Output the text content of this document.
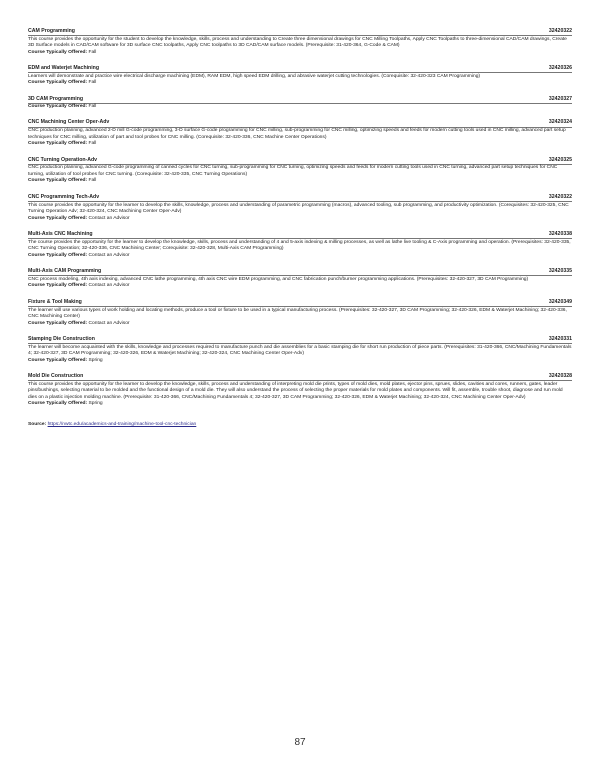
CAM Programming	32420322
This course provides the opportunity for the student to develop the knowledge, skills, process and understanding to Create three dimensional drawings for CNC Milling Toolpaths, Apply CNC Toolpaths to three-dimensional CAD/CAM drawings, Create 3D Surface models in CAD/CAM software for 3D surface CNC toolpaths, Apply CNC toolpaths to 3D CAD/CAM surface models. (Prerequisite: 31-420-364, G-Code & CAM)
Course Typically Offered: Fall
EDM and Waterjet Machining	32420326
Learners will demonstrate and practice wire electrical discharge machining (EDM), RAM EDM, high speed EDM drilling, and abrasive waterjet cutting technologies. (Corequisite: 32-420-323 CAM Programming)
Course Typically Offered: Fall
3D CAM Programming	32420327
Course Typically Offered: Fall
CNC Machining Center Oper-Adv	32420324
CNC production planning, advanced 2-D mill G-code programming, 3-D surface G-code programming for CNC milling, sub-programming for CNC milling, optimizing speeds and feeds for modern cutting tools used in CNC milling, advanced part setup techniques for CNC milling, utilization of part and tool probes for CNC milling. (Corequisite: 32-420-336, CNC Machine Center Operations)
Course Typically Offered: Fall
CNC Turning Operation-Adv	32420325
CNC production planning, advanced G-code programming of canned cycles for CNC turning, sub-programming for CNC turning, optimizing speeds and feeds for modern cutting tools used in CNC turning, advanced part setup techniques for CNC turning, utilization of tool probes for CNC turning. (Corequisite: 32-420-335, CNC Turning Operations)
Course Typically Offered: Fall
CNC Programming Tech-Adv	32420322
This course provides the opportunity for the learner to develop the skills, knowledge, process and understanding of parametric programming (macros), advanced tooling, sub programming, and productivity optimization. (Corequisites: 32-420-325, CNC Turning Operation Adv; 32-420-324, CNC Machining Center Oper-Adv)
Course Typically Offered: Contact an Advisor
Multi-Axis CNC Machining	32420338
The course provides the opportunity for the learner to develop the knowledge, skills, process and understanding of 4 and 5-axis indexing & milling processes, as well as lathe live tooling & C-Axis programming and operation. (Prerequisites: 32-420-335, CNC Turning Operation; 32-420-336, CNC Machining Center; Corequisite: 32-420-328, Multi-Axis CAM Programming)
Course Typically Offered: Contact an Advisor
Multi-Axis CAM Programming	32420335
CNC process modeling, 4th axis indexing, advanced CNC lathe programming, 4th axis CNC wire EDM programming, and CNC fabrication punch/burner programming applications. (Prerequisites: 32-420-327, 3D CAM Programming)
Course Typically Offered: Contact an Advisor
Fixture & Tool Making	32420349
The learner will use various types of work holding and locating methods, produce a tool or fixture to be used in a typical manufacturing process. (Prerequisites: 32-420-327, 3D CAM Programming; 32-420-326, EDM & Waterjet Machining; 32-420-336, CNC Machining Center)
Course Typically Offered: Contact an Advisor
Stamping Die Construction	32420331
The learner will become acquainted with the skills, knowledge and processes required to manufacture punch and die assemblies for a basic stamping die for short run production of piece parts. (Prerequisites: 31-420-366, CNC/Machining Fundamentals 4; 32-420-327, 3D CAM Programming; 32-420-326, EDM & Waterjet Machining; 32-420-324, CNC Machining Center Oper-Adv)
Course Typically Offered: Spring
Mold Die Construction	32420328
This course provides the opportunity for the learner to develop the knowledge, skills, process and understanding of interpreting mold die prints, types of mold dies, mold plates, ejector pins, sprues, slides, cavities and cores, runners, gates, leader pins/bushings, selecting material to be molded and the functional design of a mold die. They will also understand the process of selecting the proper materials for mold plates and components. Will fit, assemble, trouble shoot, diagnose and run mold dies on a plastic injection molding machine. (Prerequisite: 31-420-366, CNC/Machining Fundamentals 4; 32-420-327, 3D CAM Programming; 32-420-326, EDM & Waterjet Machining; 32-420-324, CNC Machining Center Oper-Adv)
Course Typically Offered: Spring
Source: https://nwtc.edu/academics-and-training/machine-tool-cnc-technician
87
